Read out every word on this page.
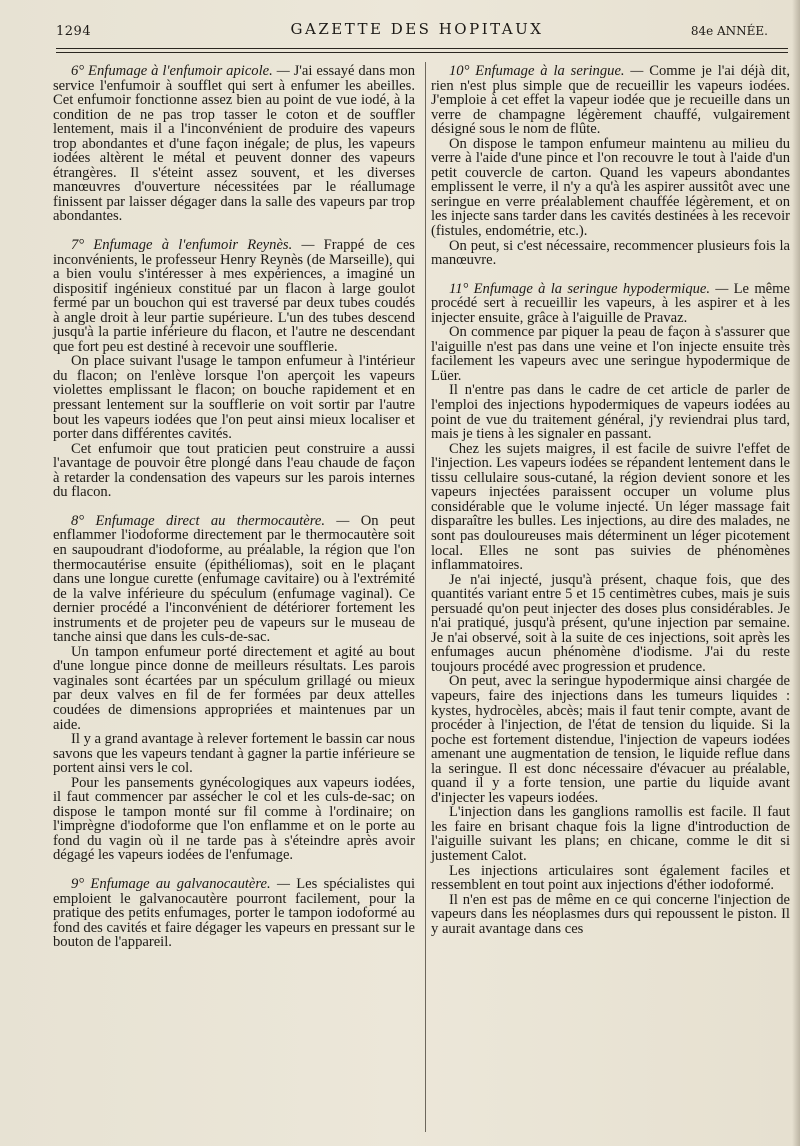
1294	GAZETTE DES HOPITAUX	84e ANNÉE.

6° Enfumage à l'enfumoir apicole. — J'ai essayé dans mon service l'enfumoir à soufflet qui sert à enfumer les abeilles. Cet enfumoir fonctionne assez bien au point de vue iodé, à la condition de ne pas trop tasser le coton et de souffler lentement, mais il a l'inconvénient de produire des vapeurs trop abondantes et d'une façon inégale; de plus, les vapeurs iodées altèrent le métal et peuvent donner des vapeurs étrangères. Il s'éteint assez souvent, et les diverses manœuvres d'ouverture nécessitées par le réallumage finissent par laisser dégager dans la salle des vapeurs par trop abondantes.

7° Enfumage à l'enfumoir Reynès. — Frappé de ces inconvénients, le professeur Henry Reynès (de Marseille), qui a bien voulu s'intéresser à mes expériences, a imaginé un dispositif ingénieux constitué par un flacon à large goulot fermé par un bouchon qui est traversé par deux tubes coudés à angle droit à leur partie supérieure. L'un des tubes descend jusqu'à la partie inférieure du flacon, et l'autre ne descendant que fort peu est destiné à recevoir une soufflerie.

On place suivant l'usage le tampon enfumeur à l'intérieur du flacon; on l'enlève lorsque l'on aperçoit les vapeurs violettes emplissant le flacon; on bouche rapidement et en pressant lentement sur la soufflerie on voit sortir par l'autre bout les vapeurs iodées que l'on peut ainsi mieux localiser et porter dans différentes cavités.

Cet enfumoir que tout praticien peut construire a aussi l'avantage de pouvoir être plongé dans l'eau chaude de façon à retarder la condensation des vapeurs sur les parois internes du flacon.

8° Enfumage direct au thermocautère. — On peut enflammer l'iodoforme directement par le thermocautère soit en saupoudrant d'iodoforme, au préalable, la région que l'on thermocautérise ensuite (épithéliomas), soit en le plaçant dans une longue curette (enfumage cavitaire) ou à l'extrémité de la valve inférieure du spéculum (enfumage vaginal). Ce dernier procédé a l'inconvénient de détériorer fortement les instruments et de projeter peu de vapeurs sur le museau de tanche ainsi que dans les culs-de-sac.

Un tampon enfumeur porté directement et agité au bout d'une longue pince donne de meilleurs résultats. Les parois vaginales sont écartées par un spéculum grillagé ou mieux par deux valves en fil de fer formées par deux attelles coudées de dimensions appropriées et maintenues par un aide.

Il y a grand avantage à relever fortement le bassin car nous savons que les vapeurs tendant à gagner la partie inférieure se portent ainsi vers le col.

Pour les pansements gynécologiques aux vapeurs iodées, il faut commencer par assécher le col et les culs-de-sac; on dispose le tampon monté sur fil comme à l'ordinaire; on l'imprègne d'iodoforme que l'on enflamme et on le porte au fond du vagin où il ne tarde pas à s'éteindre après avoir dégagé les vapeurs iodées de l'enfumage.

9° Enfumage au galvanocautère. — Les spécialistes qui emploient le galvanocautère pourront facilement, pour la pratique des petits enfumages, porter le tampon iodoformé au fond des cavités et faire dégager les vapeurs en pressant sur le bouton de l'appareil.

10° Enfumage à la seringue. — Comme je l'ai déjà dit, rien n'est plus simple que de recueillir les vapeurs iodées. J'emploie à cet effet la vapeur iodée que je recueille dans un verre de champagne légèrement chauffé, vulgairement désigné sous le nom de flûte.

On dispose le tampon enfumeur maintenu au milieu du verre à l'aide d'une pince et l'on recouvre le tout à l'aide d'un petit couvercle de carton. Quand les vapeurs abondantes emplissent le verre, il n'y a qu'à les aspirer aussitôt avec une seringue en verre préalablement chauffée légèrement, et on les injecte sans tarder dans les cavités destinées à les recevoir (fistules, endométrie, etc.).

On peut, si c'est nécessaire, recommencer plusieurs fois la manœuvre.

11° Enfumage à la seringue hypodermique. — Le même procédé sert à recueillir les vapeurs, à les aspirer et à les injecter ensuite, grâce à l'aiguille de Pravaz.

On commence par piquer la peau de façon à s'assurer que l'aiguille n'est pas dans une veine et l'on injecte ensuite très facilement les vapeurs avec une seringue hypodermique de Lüer.

Il n'entre pas dans le cadre de cet article de parler de l'emploi des injections hypodermiques de vapeurs iodées au point de vue du traitement général, j'y reviendrai plus tard, mais je tiens à les signaler en passant.

Chez les sujets maigres, il est facile de suivre l'effet de l'injection. Les vapeurs iodées se répandent lentement dans le tissu cellulaire sous-cutané, la région devient sonore et les vapeurs injectées paraissent occuper un volume plus considérable que le volume injecté. Un léger massage fait disparaître les bulles. Les injections, au dire des malades, ne sont pas douloureuses mais déterminent un léger picotement local. Elles ne sont pas suivies de phénomènes inflammatoires.

Je n'ai injecté, jusqu'à présent, chaque fois, que des quantités variant entre 5 et 15 centimètres cubes, mais je suis persuadé qu'on peut injecter des doses plus considérables. Je n'ai pratiqué, jusqu'à présent, qu'une injection par semaine. Je n'ai observé, soit à la suite de ces injections, soit après les enfumages aucun phénomène d'iodisme. J'ai du reste toujours procédé avec progression et prudence.

On peut, avec la seringue hypodermique ainsi chargée de vapeurs, faire des injections dans les tumeurs liquides : kystes, hydrocèles, abcès; mais il faut tenir compte, avant de procéder à l'injection, de l'état de tension du liquide. Si la poche est fortement distendue, l'injection de vapeurs iodées amenant une augmentation de tension, le liquide reflue dans la seringue. Il est donc nécessaire d'évacuer au préalable, quand il y a forte tension, une partie du liquide avant d'injecter les vapeurs iodées.

L'injection dans les ganglions ramollis est facile. Il faut les faire en brisant chaque fois la ligne d'introduction de l'aiguille suivant les plans; en chicane, comme le dit si justement Calot.

Les injections articulaires sont également faciles et ressemblent en tout point aux injections d'éther iodoformé.

Il n'en est pas de même en ce qui concerne l'injection de vapeurs dans les néoplasmes durs qui repoussent le piston. Il y aurait avantage dans ces
